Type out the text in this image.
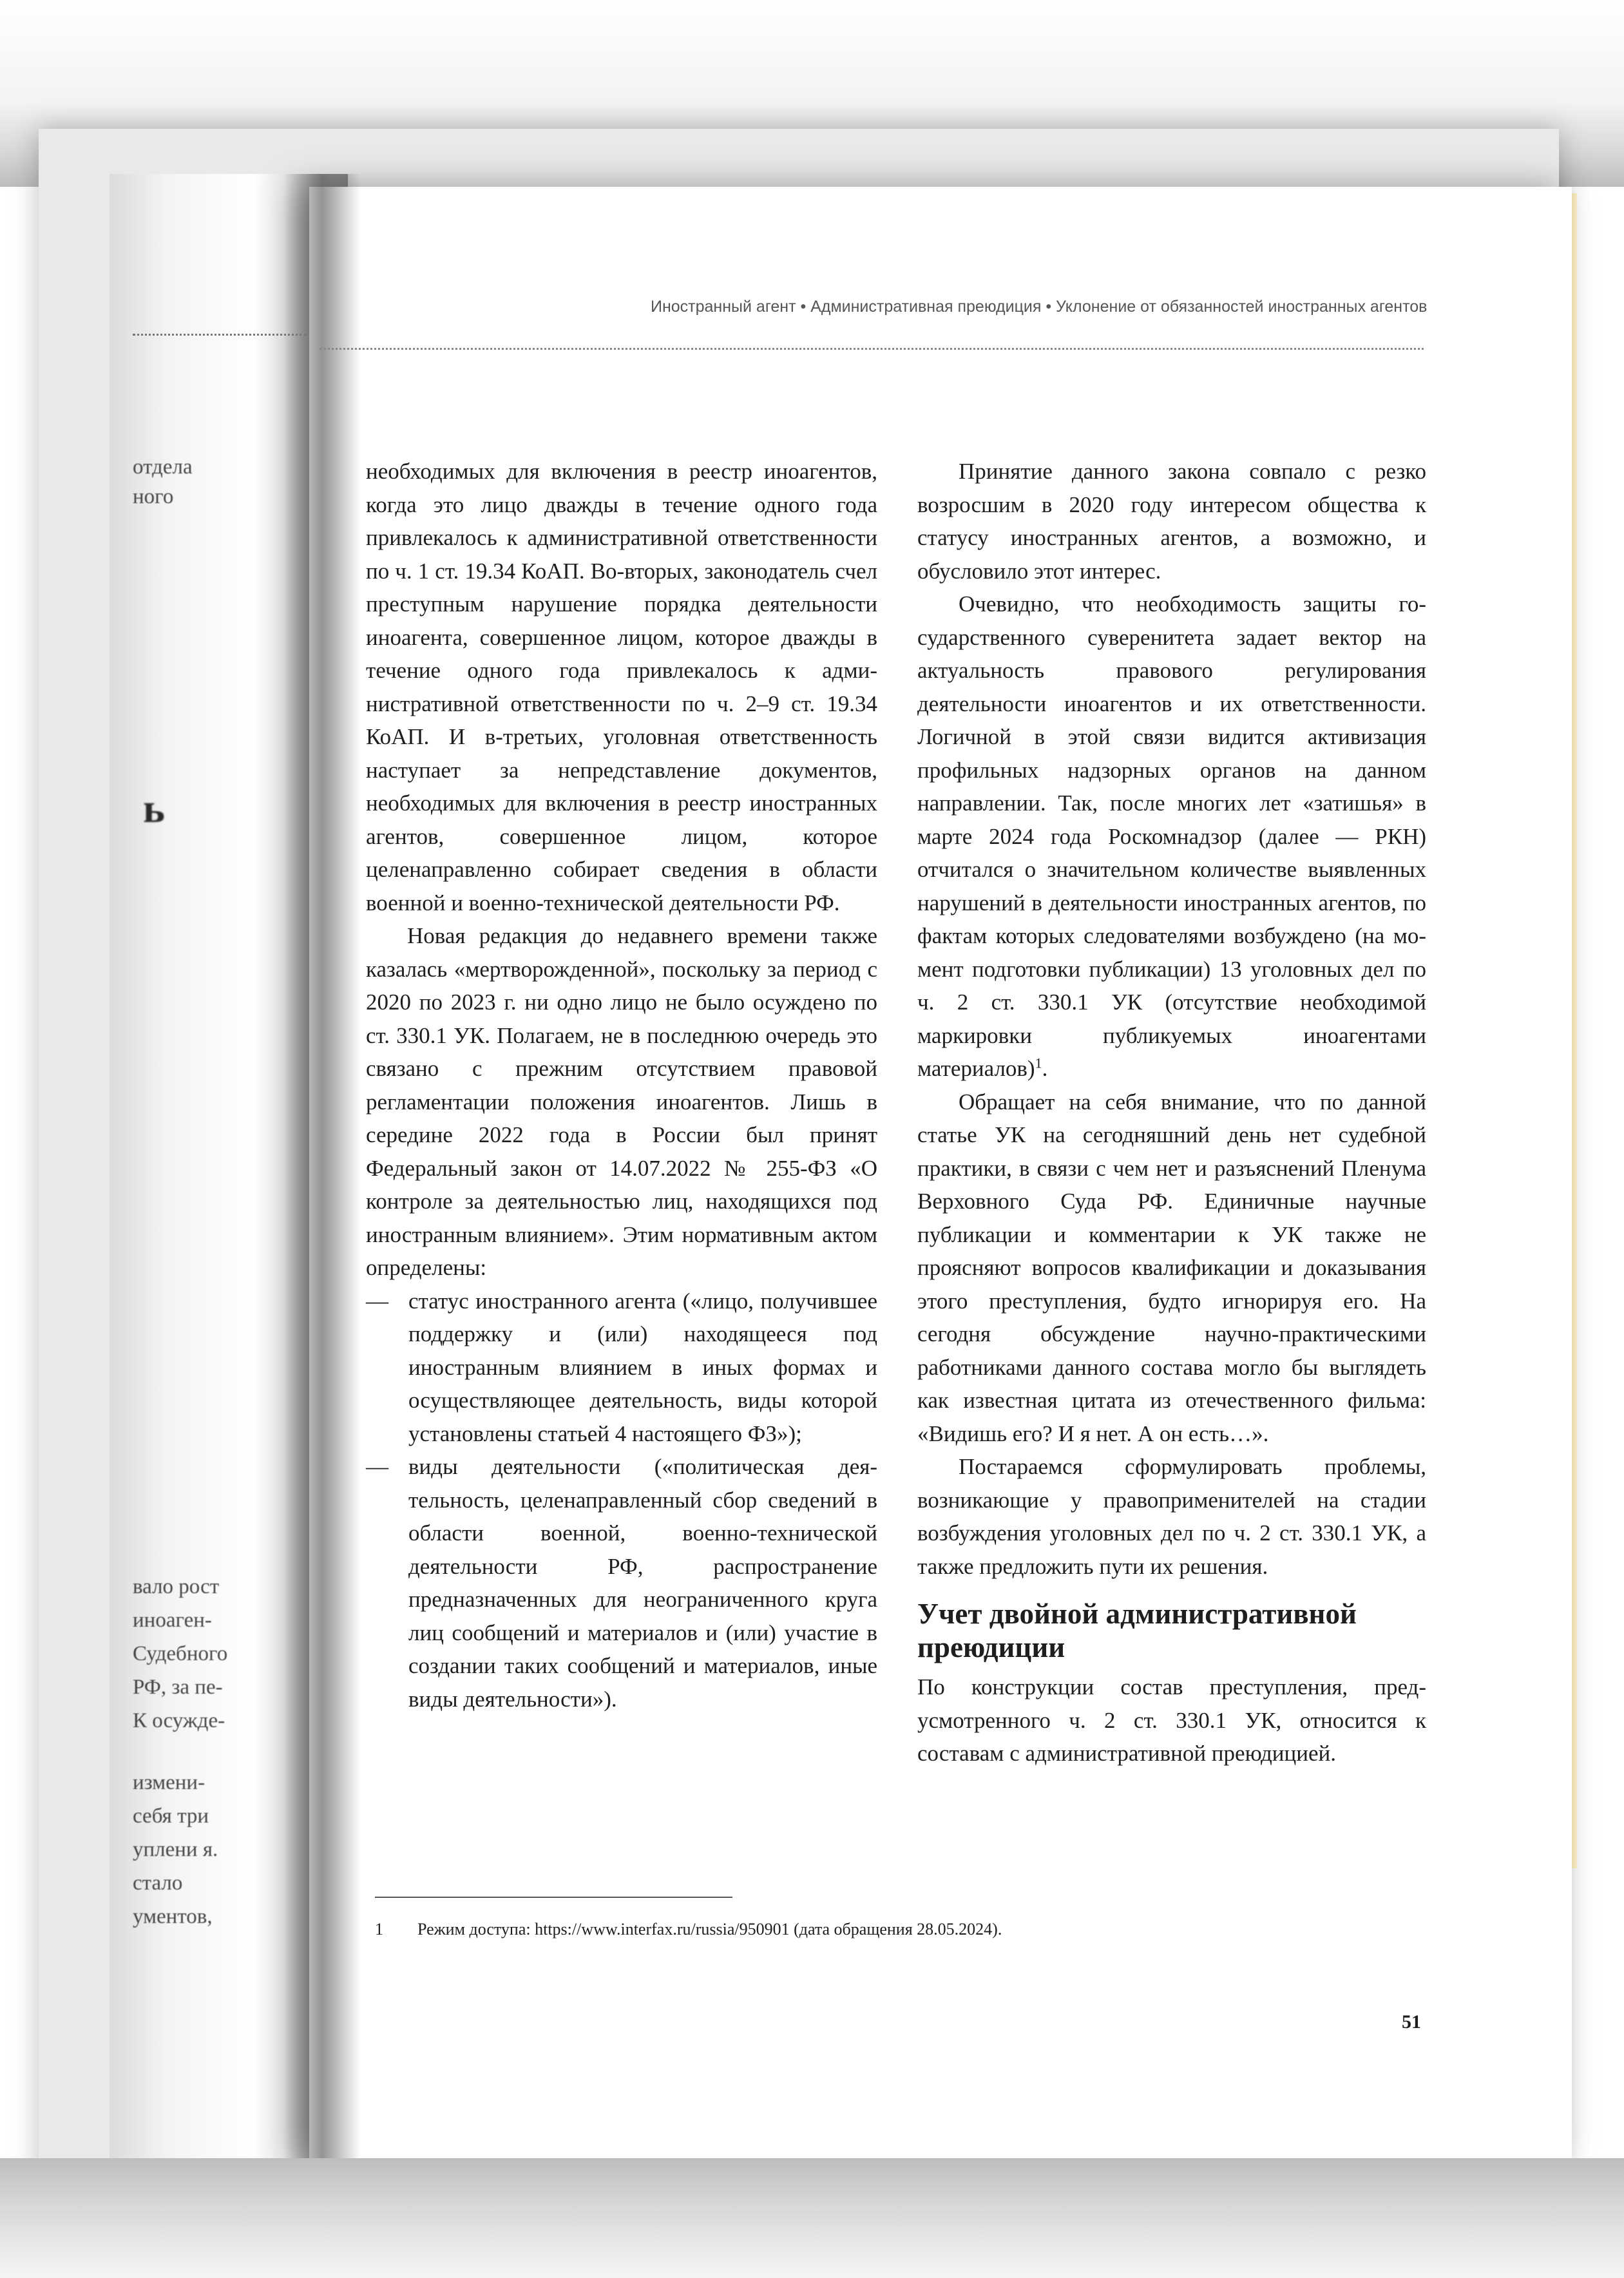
отдела
ного
ь
вало рост
иноаген-
Судебного
РФ, за пе-
К осужде-
измени-
себя три
уплени я.
стало
ументов,
Иностранный агент • Административная преюдиция • Уклонение от обязанностей иностранных агентов

необходимых для включения в реестр иноагентов, когда это лицо дважды в течение одного года привлекалось к административной ответственности по ч. 1 ст. 19.34 КоАП. Во-вторых, законодатель счел преступным нарушение порядка деятельности иноагента, совершенное лицом, которое дважды в течение одного года привлекалось к административной ответственности по ч. 2–9 ст. 19.34 КоАП. И в-третьих, уголовная ответственность наступает за непредставление документов, необходимых для включения в реестр иностранных агентов, совершенное лицом, которое целенаправленно собирает сведения в области военной и военно-технической деятельности РФ.

Новая редакция до недавнего времени также казалась «мертворожденной», поскольку за период с 2020 по 2023 г. ни одно лицо не было осуждено по ст. 330.1 УК. Полагаем, не в последнюю очередь это связано с прежним отсутствием правовой регламентации положения иноагентов. Лишь в середине 2022 года в России был принят Федеральный закон от 14.07.2022 № 255-ФЗ «О контроле за деятельностью лиц, находящихся под иностранным влиянием». Этим нормативным актом определены:

— статус иностранного агента («лицо, получившее поддержку и (или) находящееся под иностранным влиянием в иных формах и осуществляющее деятельность, виды которой установлены статьей 4 настоящего ФЗ»);
— виды деятельности («политическая деятельность, целенаправленный сбор сведений в области военной, военно-технической деятельности РФ, распространение предназначенных для неограниченного круга лиц сообщений и материалов и (или) участие в создании таких сообщений и материалов, иные виды деятельности»).

Принятие данного закона совпало с резко возросшим в 2020 году интересом общества к статусу иностранных агентов, а возможно, и обусловило этот интерес.

Очевидно, что необходимость защиты государственного суверенитета задает вектор на актуальность правового регулирования деятельности иноагентов и их ответственности. Логичной в этой связи видится активизация профильных надзорных органов на данном направлении. Так, после многих лет «затишья» в марте 2024 года Роскомнадзор (далее — РКН) отчитался о значительном количестве выявленных нарушений в деятельности иностранных агентов, по фактам которых следователями возбуждено (на момент подготовки публикации) 13 уголовных дел по ч. 2 ст. 330.1 УК (отсутствие необходимой маркировки публикуемых иноагентами материалов)$^1$.

Обращает на себя внимание, что по данной статье УК на сегодняшний день нет судебной практики, в связи с чем нет и разъяснений Пленума Верховного Суда РФ. Единичные научные публикации и комментарии к УК также не проясняют вопросов квалификации и доказывания этого преступления, будто игнорируя его. На сегодня обсуждение научно-практическими работниками данного состава могло бы выглядеть как известная цитата из отечественного фильма: «Видишь его? И я нет. А он есть…».

Постараемся сформулировать проблемы, возникающие у правоприменителей на стадии возбуждения уголовных дел по ч. 2 ст. 330.1 УК, а также предложить пути их решения.

Учет двойной административной преюдиции

По конструкции состав преступления, предусмотренного ч. 2 ст. 330.1 УК, относится к составам с административной преюдицией.

1 Режим доступа: https://www.interfax.ru/russia/950901 (дата обращения 28.05.2024).
51
